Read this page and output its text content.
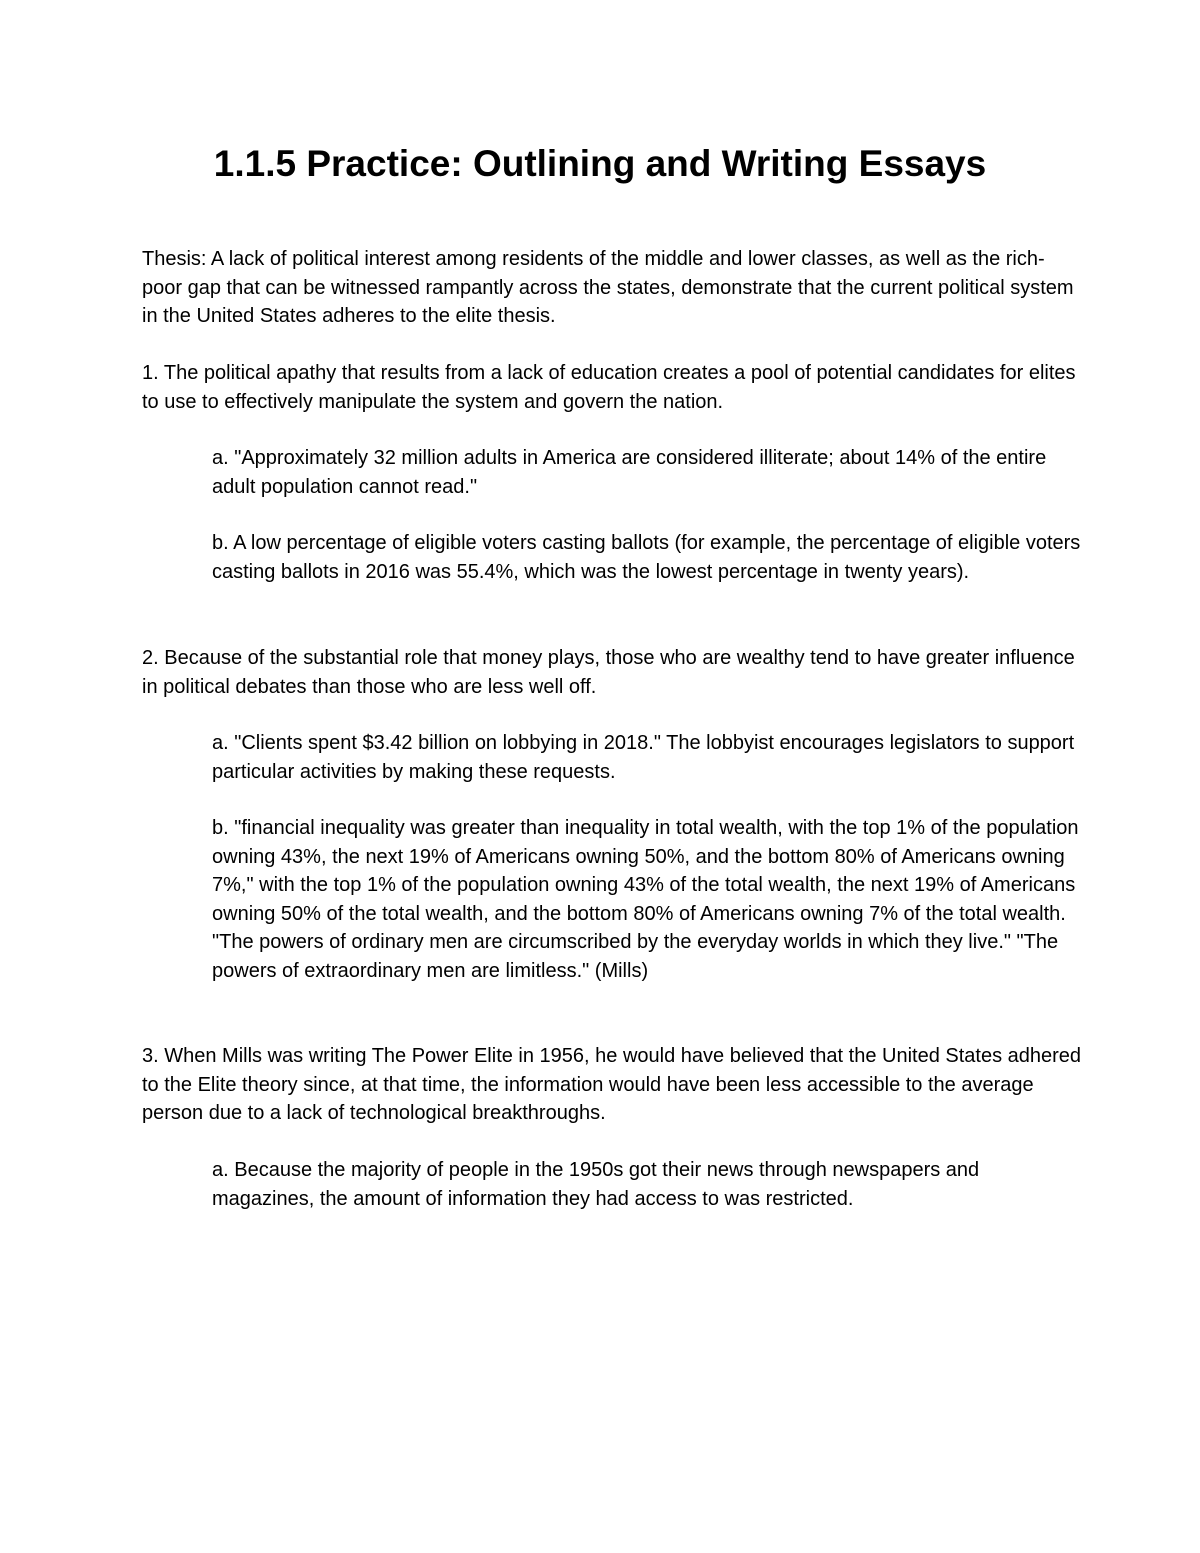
1.1.5 Practice: Outlining and Writing Essays

Thesis: A lack of political interest among residents of the middle and lower classes, as well as the rich-poor gap that can be witnessed rampantly across the states, demonstrate that the current political system in the United States adheres to the elite thesis.

1. The political apathy that results from a lack of education creates a pool of potential candidates for elites to use to effectively manipulate the system and govern the nation.

a. "Approximately 32 million adults in America are considered illiterate; about 14% of the entire adult population cannot read."

b. A low percentage of eligible voters casting ballots (for example, the percentage of eligible voters casting ballots in 2016 was 55.4%, which was the lowest percentage in twenty years).

2. Because of the substantial role that money plays, those who are wealthy tend to have greater influence in political debates than those who are less well off.

a. "Clients spent $3.42 billion on lobbying in 2018." The lobbyist encourages legislators to support particular activities by making these requests.

b. "financial inequality was greater than inequality in total wealth, with the top 1% of the population owning 43%, the next 19% of Americans owning 50%, and the bottom 80% of Americans owning 7%," with the top 1% of the population owning 43% of the total wealth, the next 19% of Americans owning 50% of the total wealth, and the bottom 80% of Americans owning 7% of the total wealth. "The powers of ordinary men are circumscribed by the everyday worlds in which they live." "The powers of extraordinary men are limitless." (Mills)

3. When Mills was writing The Power Elite in 1956, he would have believed that the United States adhered to the Elite theory since, at that time, the information would have been less accessible to the average person due to a lack of technological breakthroughs.

a. Because the majority of people in the 1950s got their news through newspapers and magazines, the amount of information they had access to was restricted.
